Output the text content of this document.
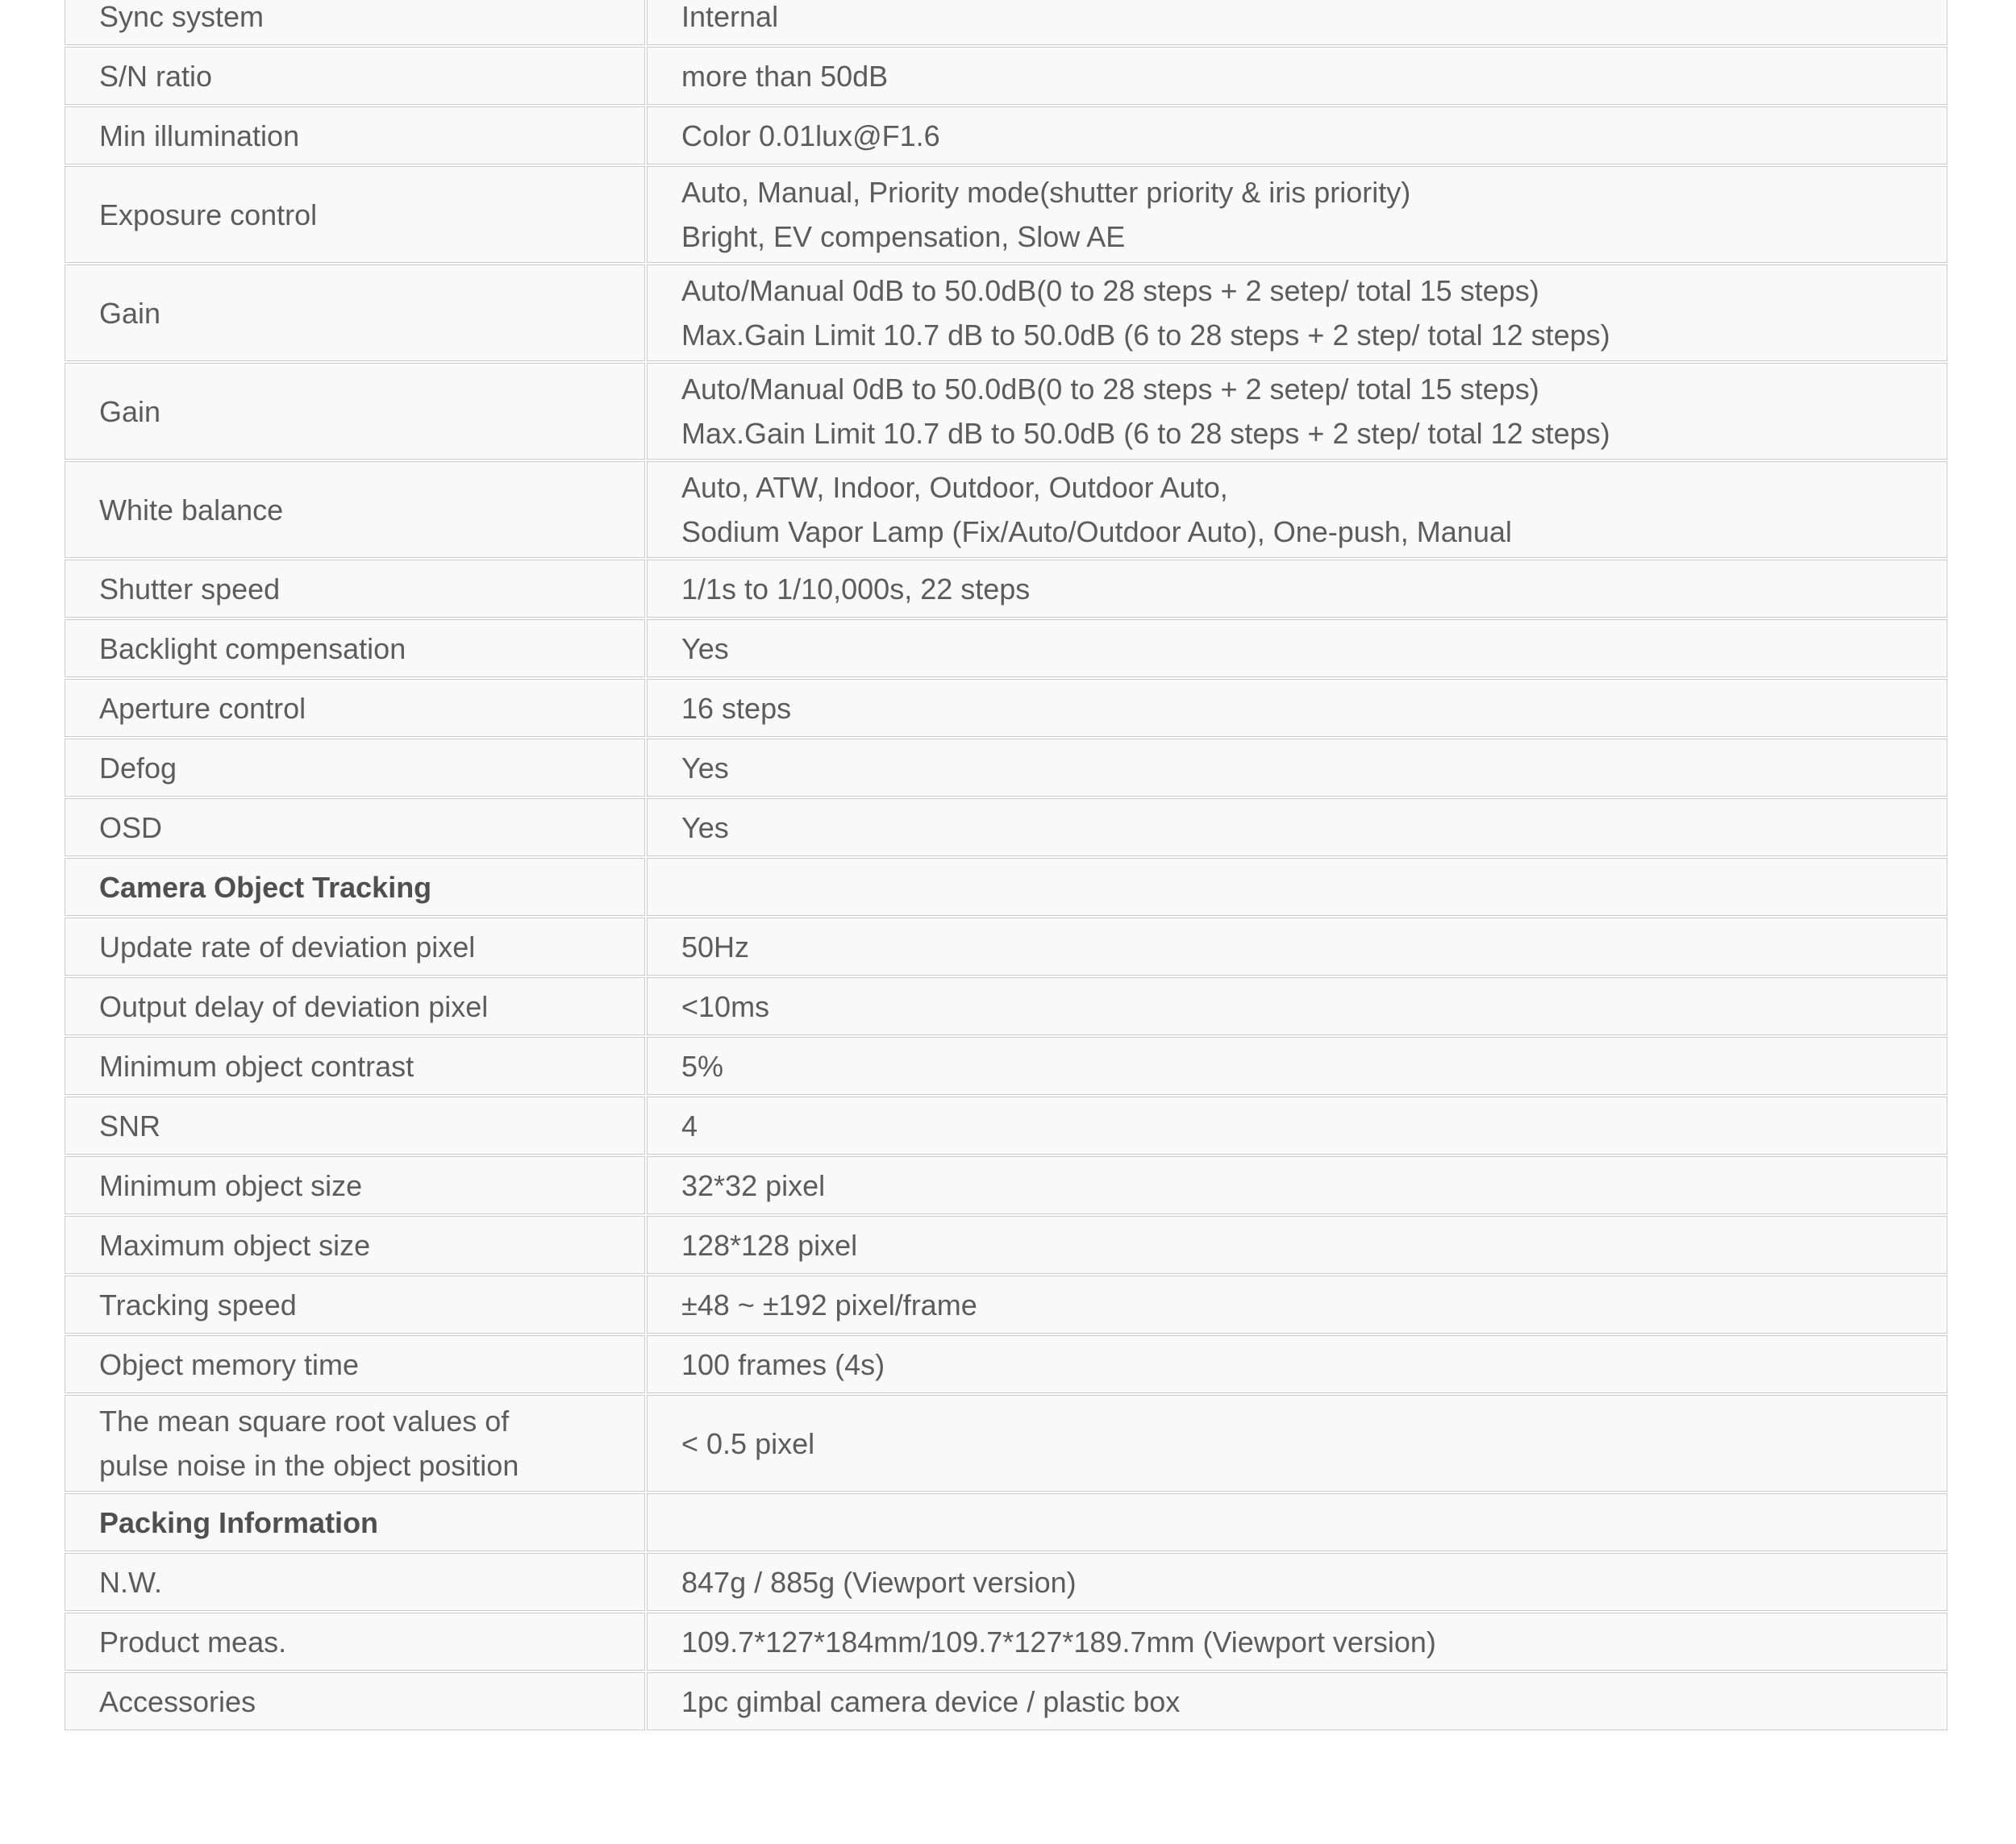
Sync system	Internal

S/N ratio	more than 50dB

Min illumination	Color 0.01lux@F1.6

Exposure control	Auto, Manual, Priority mode(shutter priority & iris priority)
Bright, EV compensation, Slow AE

Gain	Auto/Manual 0dB to 50.0dB(0 to 28 steps + 2 setep/ total 15 steps)
Max.Gain Limit 10.7 dB to 50.0dB (6 to 28 steps + 2 step/ total 12 steps)

Gain	Auto/Manual 0dB to 50.0dB(0 to 28 steps + 2 setep/ total 15 steps)
Max.Gain Limit 10.7 dB to 50.0dB (6 to 28 steps + 2 step/ total 12 steps)

White balance	Auto, ATW, Indoor, Outdoor, Outdoor Auto,
Sodium Vapor Lamp (Fix/Auto/Outdoor Auto), One-push, Manual

Shutter speed	1/1s to 1/10,000s, 22 steps

Backlight compensation	Yes

Aperture control	16 steps

Defog	Yes

OSD	Yes

Camera Object Tracking	

Update rate of deviation pixel	50Hz

Output delay of deviation pixel	<10ms

Minimum object contrast	5%

SNR	4

Minimum object size	32*32 pixel

Maximum object size	128*128 pixel

Tracking speed	±48 ~ ±192 pixel/frame

Object memory time	100 frames (4s)

The mean square root values of
pulse noise in the object position	< 0.5 pixel

Packing Information	

N.W.	847g / 885g (Viewport version)

Product meas.	109.7*127*184mm/109.7*127*189.7mm (Viewport version)

Accessories	1pc gimbal camera device / plastic box
